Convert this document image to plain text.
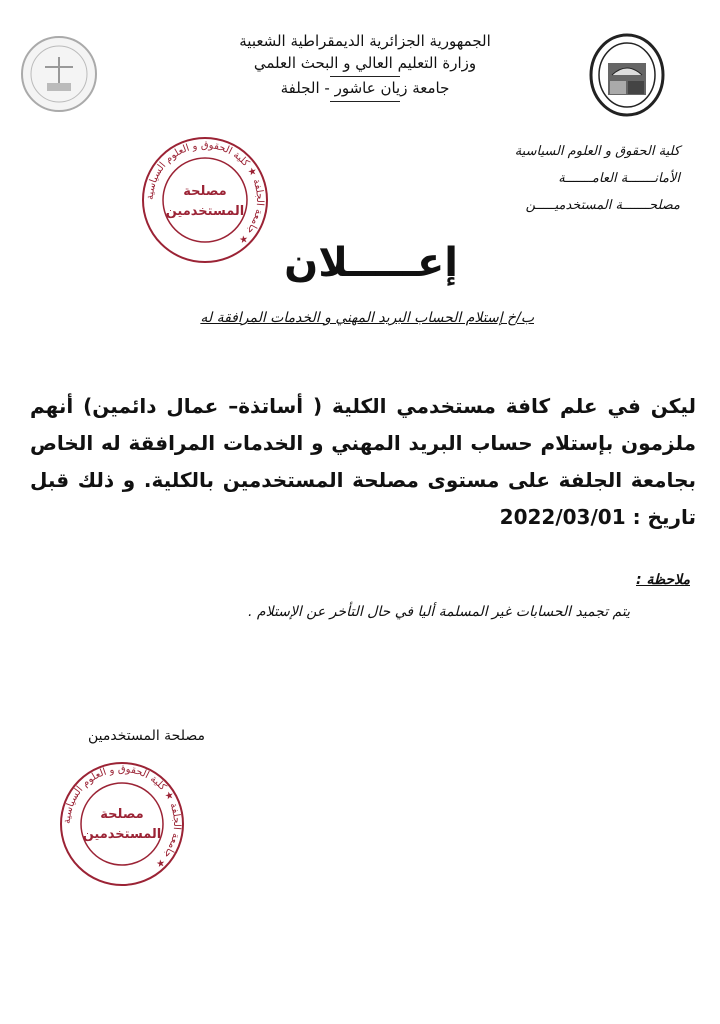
الجمهورية الجزائرية الديمقراطية الشعبية
وزارة التعليم العالي و البحث العلمي
جامعة زيان عاشور - الجلفة
كلية الحقوق و العلوم السياسية
الأمانـــــــة العامـــــــة
مصلحـــــــة المستخدميـــــن
جامعة الجلفة ★ كلية الحقوق و العلوم السياسية ★
مصلحة
المستخدمين
إعـــــلان
ب/خ إستلام الحساب البريد المهني و الخدمات المرافقة له
ليكن في علم كافة مستخدمي الكلية ( أساتذة– عمال دائمين) أنهم ملزمون بإستلام حساب البريد المهني و الخدمات المرافقة له الخاص بجامعة الجلفة على مستوى مصلحة المستخدمين بالكلية. و ذلك قبل تاريخ : 2022/03/01
ملاحظة :
يتم تجميد الحسابات غير المسلمة أليا في حال التأخر عن الإستلام .
مصلحة المستخدمين
جامعة الجلفة ★ كلية الحقوق و العلوم السياسية ★
مصلحة
المستخدمين
